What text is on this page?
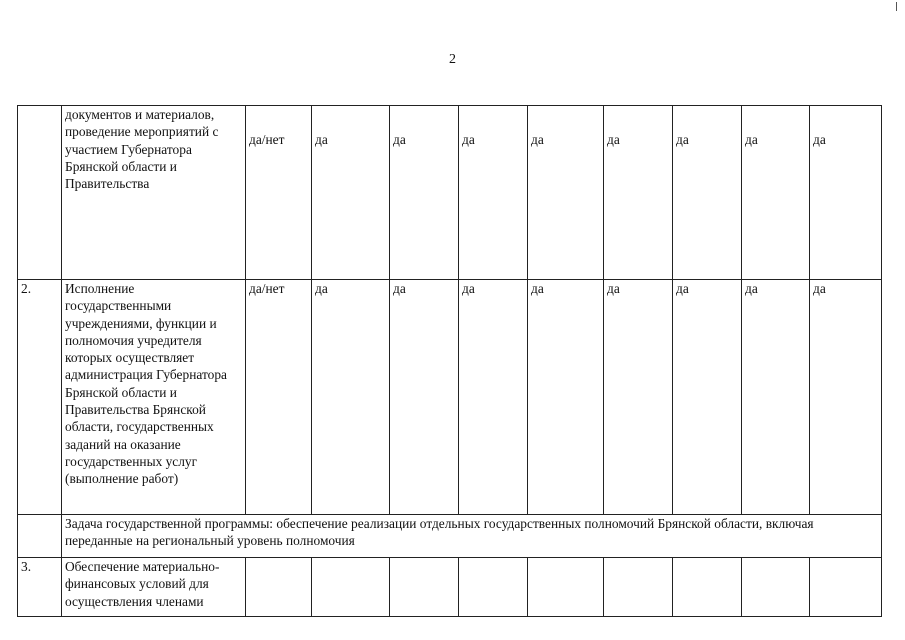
2
	документов и материалов, проведение мероприятий с участием Губернатора Брянской области и Правительства	да/нет	да	да	да	да	да	да	да	да
2.	Исполнение государственными учреждениями, функции и полномочия учредителя которых осуществляет администрация Губернатора Брянской области и Правительства Брянской области, государственных заданий на оказание государственных услуг (выполнение работ)	да/нет	да	да	да	да	да	да	да	да
	Задача государственной программы: обеспечение реализации отдельных государственных полномочий Брянской области, включая переданные на региональный уровень полномочия									
3.	Обеспечение материально-финансовых условий для осуществления членами									
